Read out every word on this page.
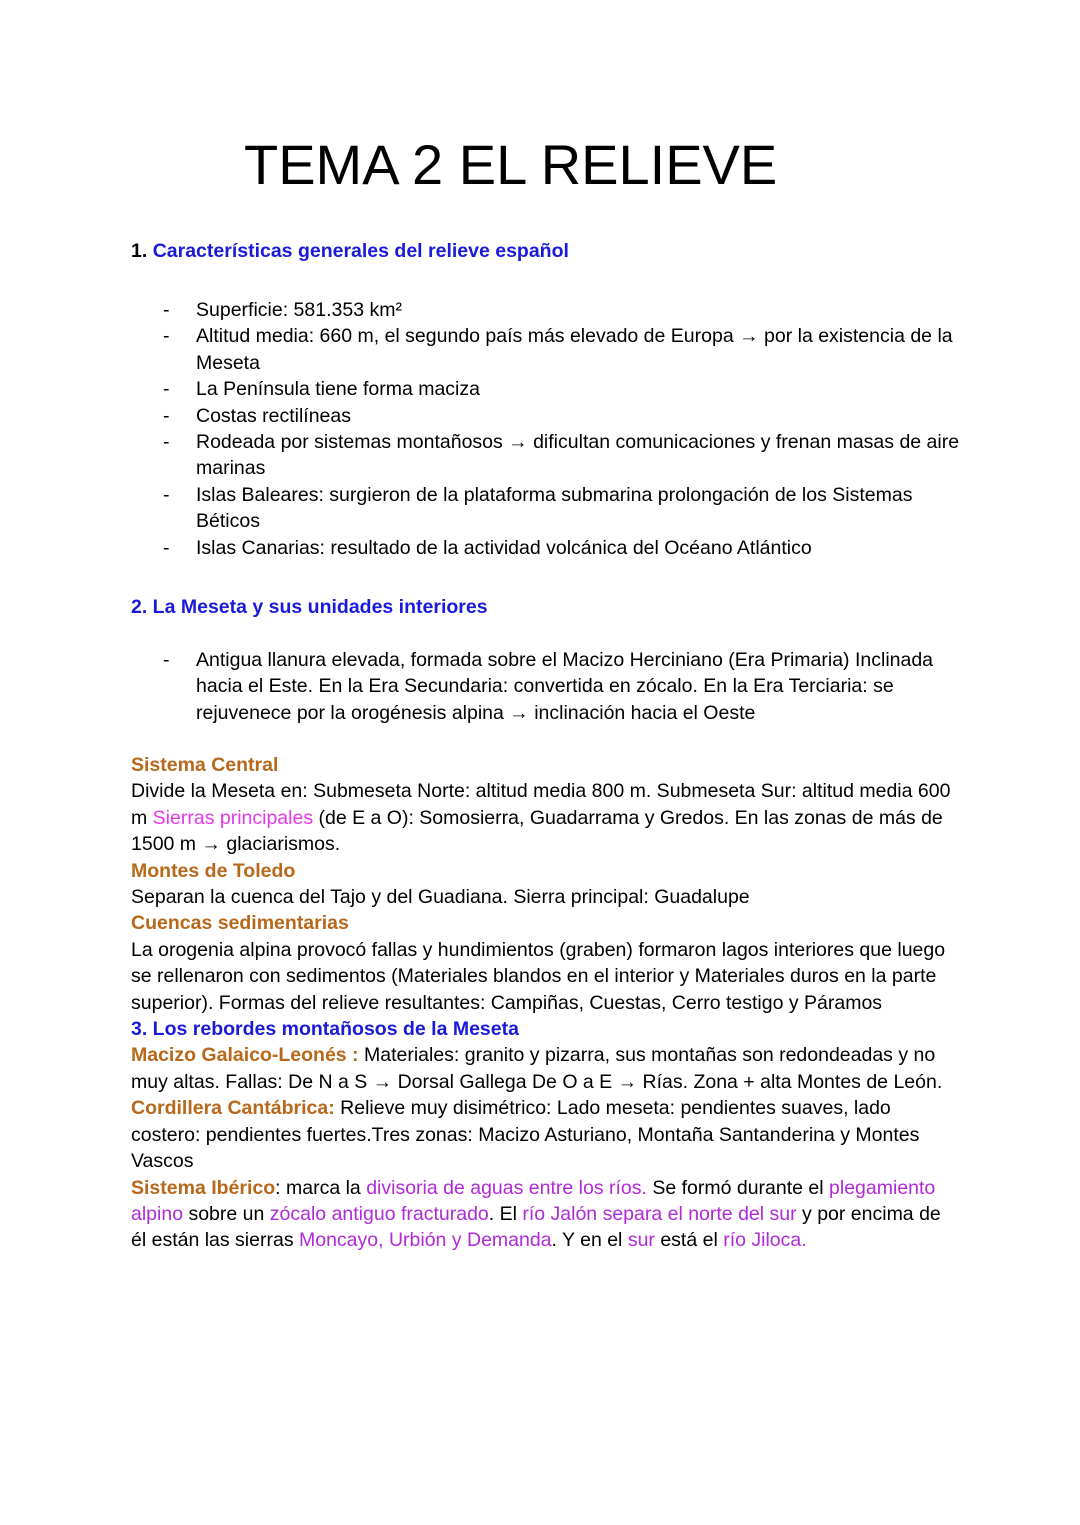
TEMA 2 EL RELIEVE
1. Características generales del relieve español
- Superficie: 581.353 km²
- Altitud media: 660 m, el segundo país más elevado de Europa → por la existencia de la Meseta
- La Península tiene forma maciza
- Costas rectilíneas
- Rodeada por sistemas montañosos → dificultan comunicaciones y frenan masas de aire marinas
- Islas Baleares: surgieron de la plataforma submarina prolongación de los Sistemas Béticos
- Islas Canarias: resultado de la actividad volcánica del Océano Atlántico
2. La Meseta y sus unidades interiores
- Antigua llanura elevada, formada sobre el Macizo Herciniano (Era Primaria) Inclinada hacia el Este. En la Era Secundaria: convertida en zócalo. En la Era Terciaria: se rejuvenece por la orogénesis alpina → inclinación hacia el Oeste
Sistema Central
Divide la Meseta en: Submeseta Norte: altitud media 800 m. Submeseta Sur: altitud media 600 m Sierras principales (de E a O): Somosierra, Guadarrama y Gredos. En las zonas de más de 1500 m → glaciarismos.
Montes de Toledo
Separan la cuenca del Tajo y del Guadiana. Sierra principal: Guadalupe
Cuencas sedimentarias
La orogenia alpina provocó fallas y hundimientos (graben) formaron lagos interiores que luego se rellenaron con sedimentos (Materiales blandos en el interior y Materiales duros en la parte superior). Formas del relieve resultantes: Campiñas, Cuestas, Cerro testigo y Páramos
3. Los rebordes montañosos de la Meseta
Macizo Galaico-Leonés : Materiales: granito y pizarra, sus montañas son redondeadas y no muy altas. Fallas: De N a S → Dorsal Gallega De O a E → Rías. Zona + alta Montes de León.
Cordillera Cantábrica: Relieve muy disimétrico: Lado meseta: pendientes suaves, lado costero: pendientes fuertes.Tres zonas: Macizo Asturiano, Montaña Santanderina y Montes Vascos
Sistema Ibérico: marca la divisoria de aguas entre los ríos. Se formó durante el plegamiento alpino sobre un zócalo antiguo fracturado. El río Jalón separa el norte del sur y por encima de él están las sierras Moncayo, Urbión y Demanda. Y en el sur está el río Jiloca.
